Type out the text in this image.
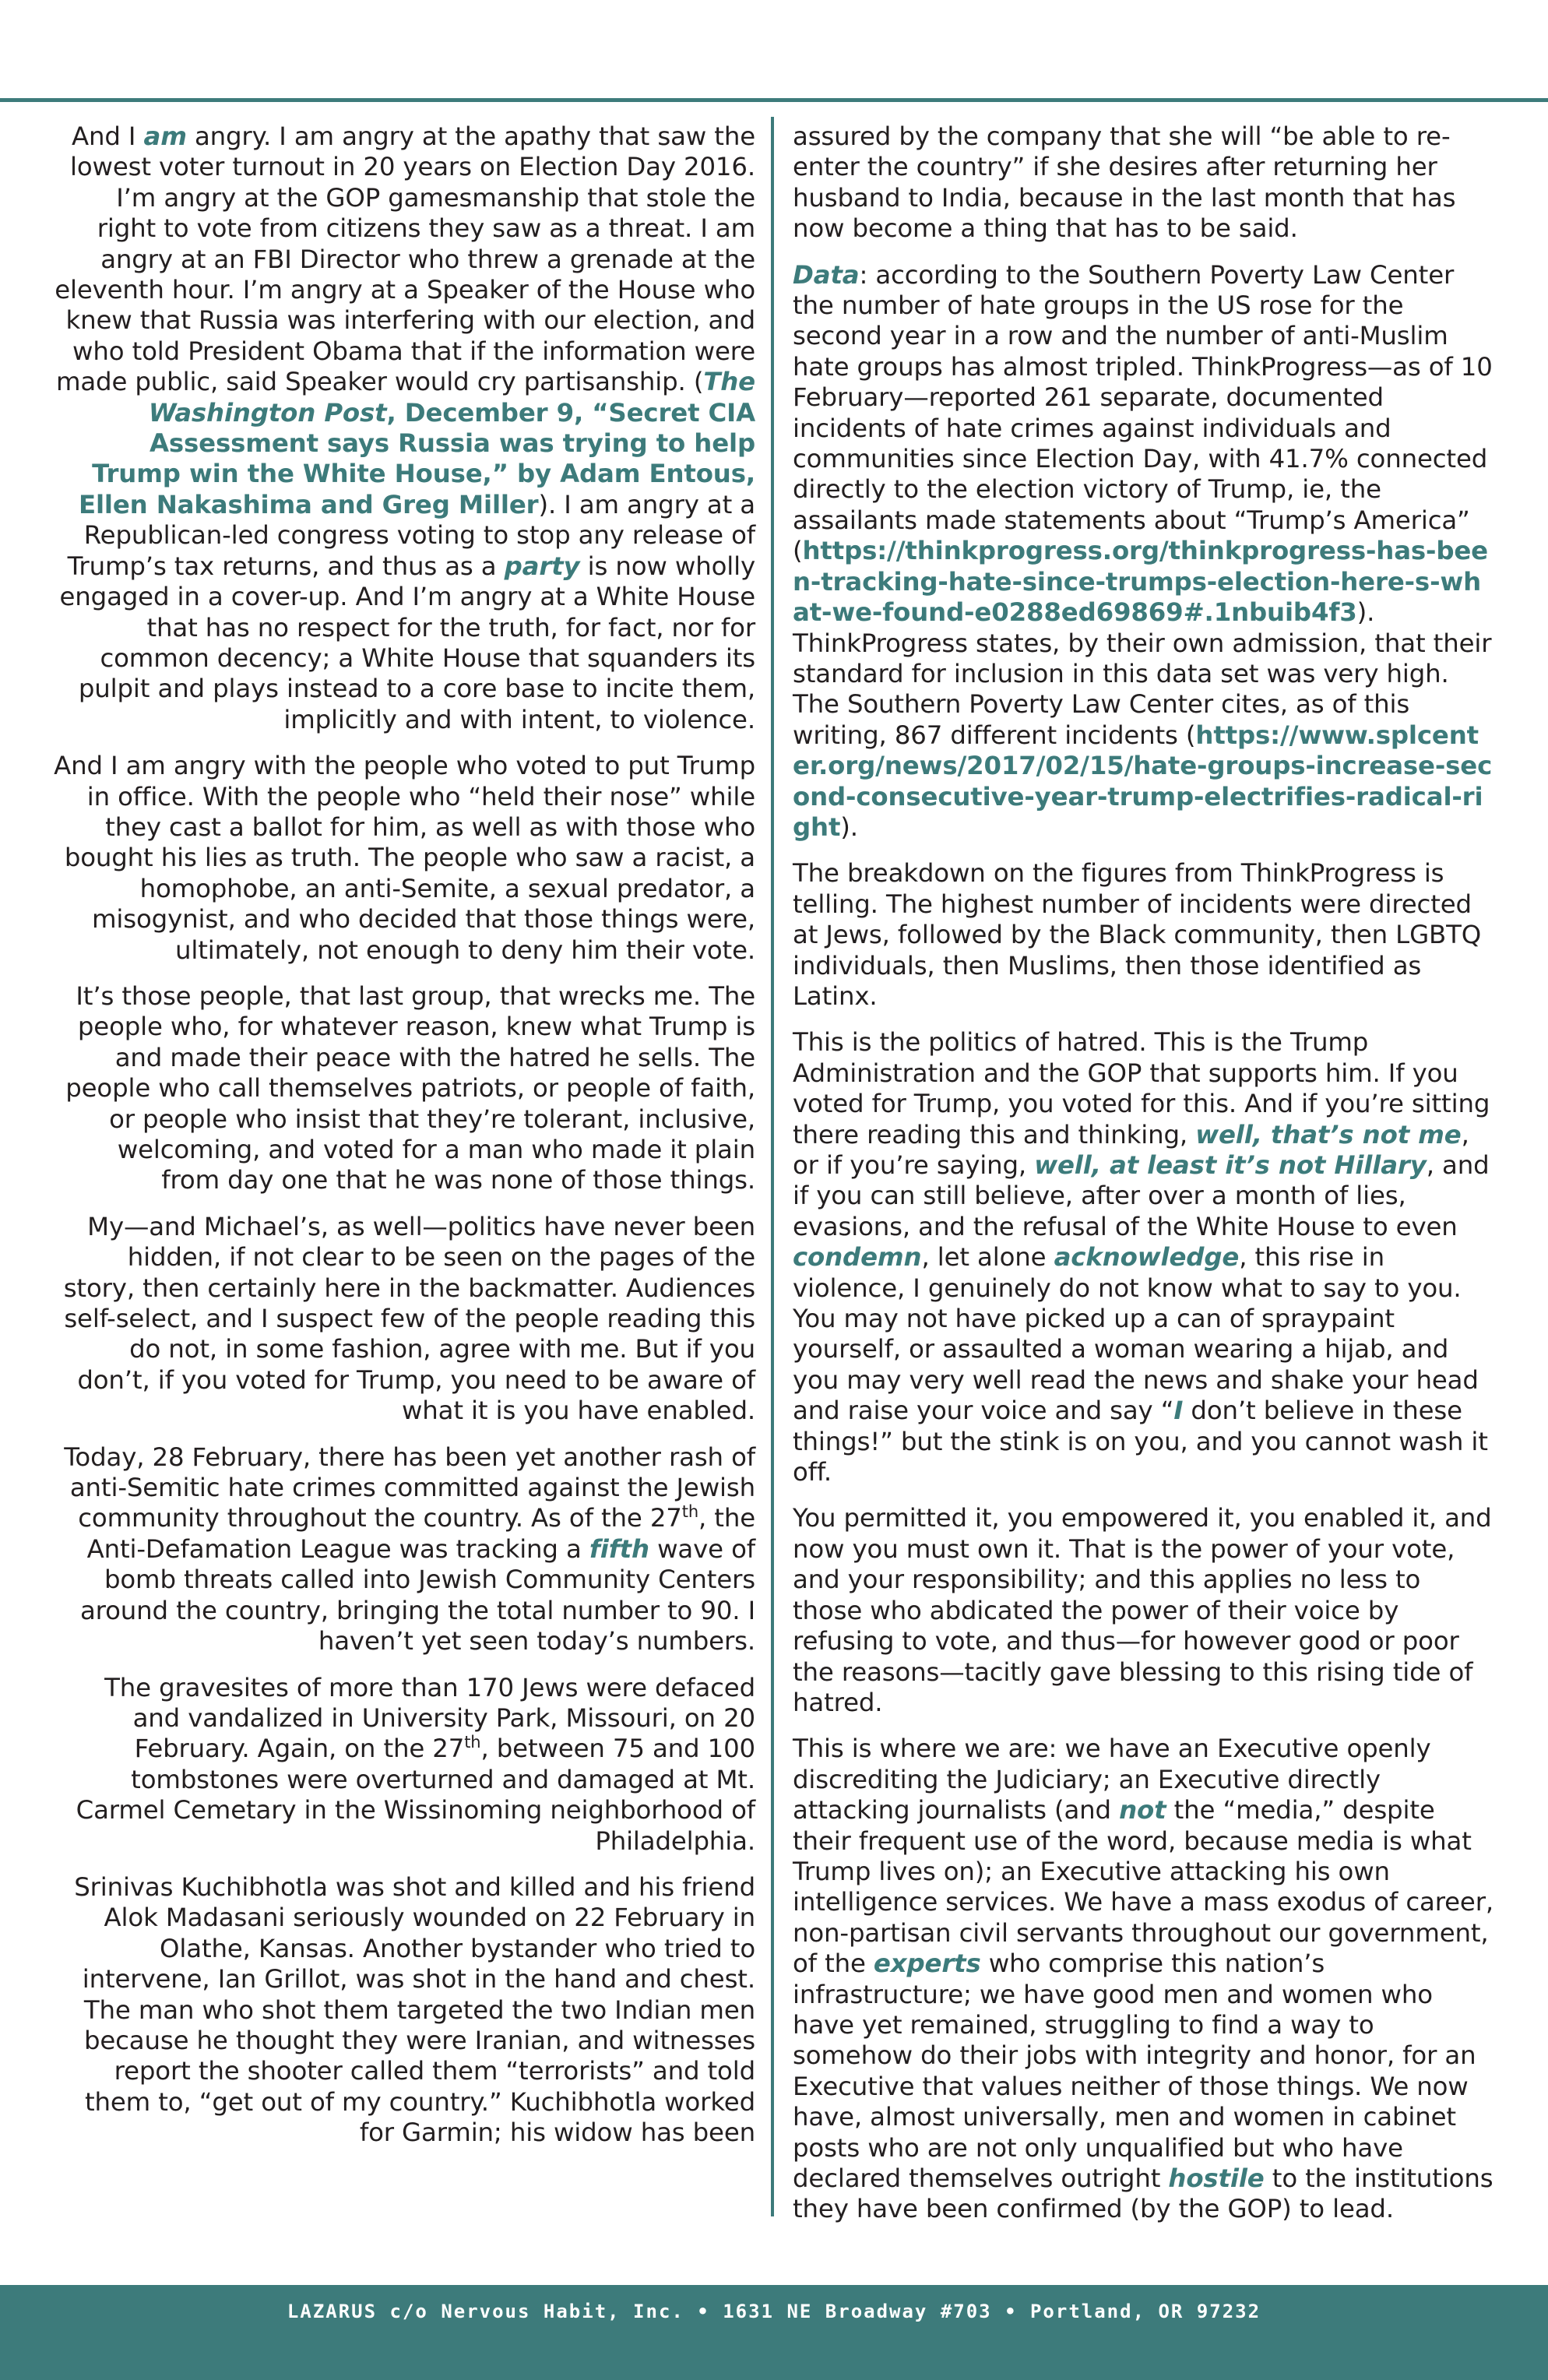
And I am angry. I am angry at the apathy that saw the lowest voter turnout in 20 years on Election Day 2016. I’m angry at the GOP gamesmanship that stole the right to vote from citizens they saw as a threat. I am angry at an FBI Director who threw a grenade at the eleventh hour. I’m angry at a Speaker of the House who knew that Russia was interfering with our election, and who told President Obama that if the information were made public, said Speaker would cry partisanship. (The Washington Post, December 9, “Secret CIA Assessment says Russia was trying to help Trump win the White House,” by Adam Entous, Ellen Nakashima and Greg Miller). I am angry at a Republican-led congress voting to stop any release of Trump’s tax returns, and thus as a party is now wholly engaged in a cover-up. And I’m angry at a White House that has no respect for the truth, for fact, nor for common decency; a White House that squanders its pulpit and plays instead to a core base to incite them, implicitly and with intent, to violence.

And I am angry with the people who voted to put Trump in office. With the people who “held their nose” while they cast a ballot for him, as well as with those who bought his lies as truth. The people who saw a racist, a homophobe, an anti-Semite, a sexual predator, a misogynist, and who decided that those things were, ultimately, not enough to deny him their vote.

It’s those people, that last group, that wrecks me. The people who, for whatever reason, knew what Trump is and made their peace with the hatred he sells. The people who call themselves patriots, or people of faith, or people who insist that they’re tolerant, inclusive, welcoming, and voted for a man who made it plain from day one that he was none of those things.

My—and Michael’s, as well—politics have never been hidden, if not clear to be seen on the pages of the story, then certainly here in the backmatter. Audiences self-select, and I suspect few of the people reading this do not, in some fashion, agree with me. But if you don’t, if you voted for Trump, you need to be aware of what it is you have enabled.

Today, 28 February, there has been yet another rash of anti-Semitic hate crimes committed against the Jewish community throughout the country. As of the 27th, the Anti-Defamation League was tracking a fifth wave of bomb threats called into Jewish Community Centers around the country, bringing the total number to 90. I haven’t yet seen today’s numbers.

The gravesites of more than 170 Jews were defaced and vandalized in University Park, Missouri, on 20 February. Again, on the 27th, between 75 and 100 tombstones were overturned and damaged at Mt. Carmel Cemetary in the Wissinoming neighborhood of Philadelphia.

Srinivas Kuchibhotla was shot and killed and his friend Alok Madasani seriously wounded on 22 February in Olathe, Kansas. Another bystander who tried to intervene, Ian Grillot, was shot in the hand and chest. The man who shot them targeted the two Indian men because he thought they were Iranian, and witnesses report the shooter called them “terrorists” and told them to, “get out of my country.” Kuchibhotla worked for Garmin; his widow has been

assured by the company that she will “be able to re-enter the country” if she desires after returning her husband to India, because in the last month that has now become a thing that has to be said.

Data: according to the Southern Poverty Law Center the number of hate groups in the US rose for the second year in a row and the number of anti-Muslim hate groups has almost tripled. ThinkProgress—as of 10 February—reported 261 separate, documented incidents of hate crimes against individuals and communities since Election Day, with 41.7% connected directly to the election victory of Trump, ie, the assailants made statements about “Trump’s America” (https://thinkprogress.org/thinkprogress-has-been-tracking-hate-since-trumps-election-here-s-what-we-found-e0288ed69869#.1nbuib4f3). ThinkProgress states, by their own admission, that their standard for inclusion in this data set was very high. The Southern Poverty Law Center cites, as of this writing, 867 different incidents (https://www.splcenter.org/news/2017/02/15/hate-groups-increase-second-consecutive-year-trump-electrifies-radical-right).

The breakdown on the figures from ThinkProgress is telling. The highest number of incidents were directed at Jews, followed by the Black community, then LGBTQ individuals, then Muslims, then those identified as Latinx.

This is the politics of hatred. This is the Trump Administration and the GOP that supports him. If you voted for Trump, you voted for this. And if you’re sitting there reading this and thinking, well, that’s not me, or if you’re saying, well, at least it’s not Hillary, and if you can still believe, after over a month of lies, evasions, and the refusal of the White House to even condemn, let alone acknowledge, this rise in violence, I genuinely do not know what to say to you. You may not have picked up a can of spraypaint yourself, or assaulted a woman wearing a hijab, and you may very well read the news and shake your head and raise your voice and say “I don’t believe in these things!” but the stink is on you, and you cannot wash it off.

You permitted it, you empowered it, you enabled it, and now you must own it. That is the power of your vote, and your responsibility; and this applies no less to those who abdicated the power of their voice by refusing to vote, and thus—for however good or poor the reasons—tacitly gave blessing to this rising tide of hatred.

This is where we are: we have an Executive openly discrediting the Judiciary; an Executive directly attacking journalists (and not the “media,” despite their frequent use of the word, because media is what Trump lives on); an Executive attacking his own intelligence services. We have a mass exodus of career, non-partisan civil servants throughout our government, of the experts who comprise this nation’s infrastructure; we have good men and women who have yet remained, struggling to find a way to somehow do their jobs with integrity and honor, for an Executive that values neither of those things. We now have, almost universally, men and women in cabinet posts who are not only unqualified but who have declared themselves outright hostile to the institutions they have been confirmed (by the GOP) to lead.

LAZARUS c/o Nervous Habit, Inc. • 1631 NE Broadway #703 • Portland, OR 97232
